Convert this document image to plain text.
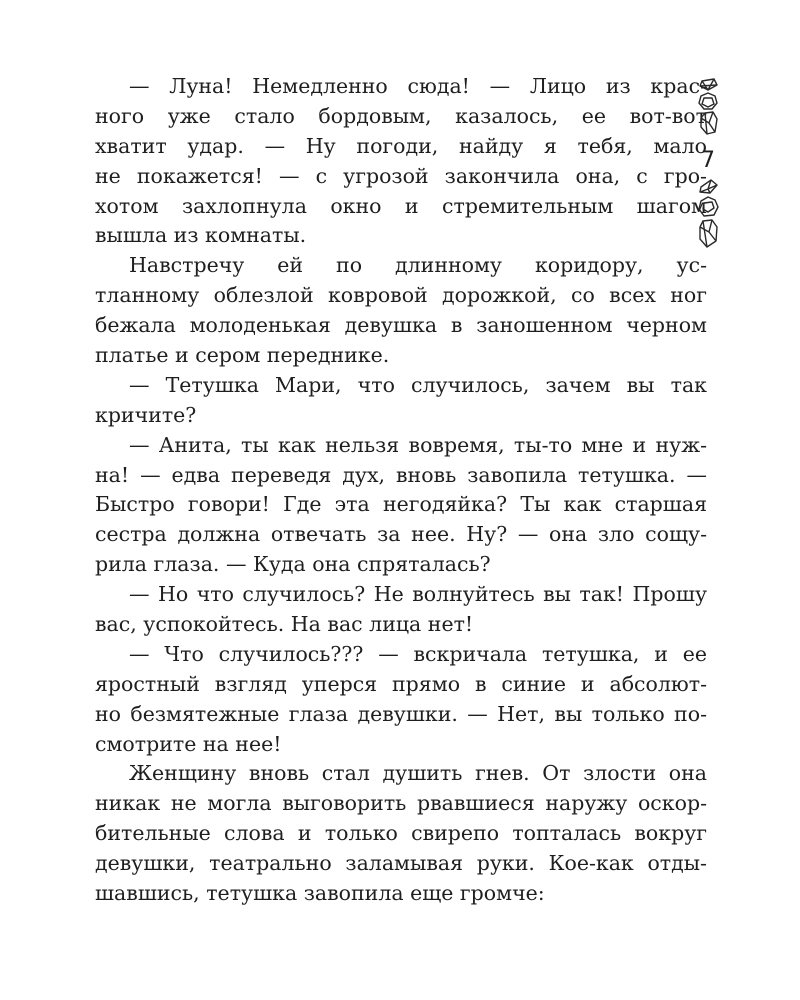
— Луна! Немедленно сюда! — Лицо из крас-
ного уже стало бордовым, казалось, ее вот-вот
хватит удар. — Ну погоди, найду я тебя, мало
не покажется! — с угрозой закончила она, с гро-
хотом захлопнула окно и стремительным шагом
вышла из комнаты.
Навстречу ей по длинному коридору, ус-
тланному облезлой ковровой дорожкой, со всех ног
бежала молоденькая девушка в заношенном черном
платье и сером переднике.
— Тетушка Мари, что случилось, зачем вы так
кричите?
— Анита, ты как нельзя вовремя, ты-то мне и нуж-
на! — едва переведя дух, вновь завопила тетушка. —
Быстро говори! Где эта негодяйка? Ты как старшая
сестра должна отвечать за нее. Ну? — она зло сощу-
рила глаза. — Куда она спряталась?
— Но что случилось? Не волнуйтесь вы так! Прошу
вас, успокойтесь. На вас лица нет!
— Что случилось??? — вскричала тетушка, и ее
яростный взгляд уперся прямо в синие и абсолют-
но безмятежные глаза девушки. — Нет, вы только по-
смотрите на нее!
Женщину вновь стал душить гнев. От злости она
никак не могла выговорить рвавшиеся наружу оскор-
бительные слова и только свирепо топталась вокруг
девушки, театрально заламывая руки. Кое-как отды-
шавшись, тетушка завопила еще громче:
7
